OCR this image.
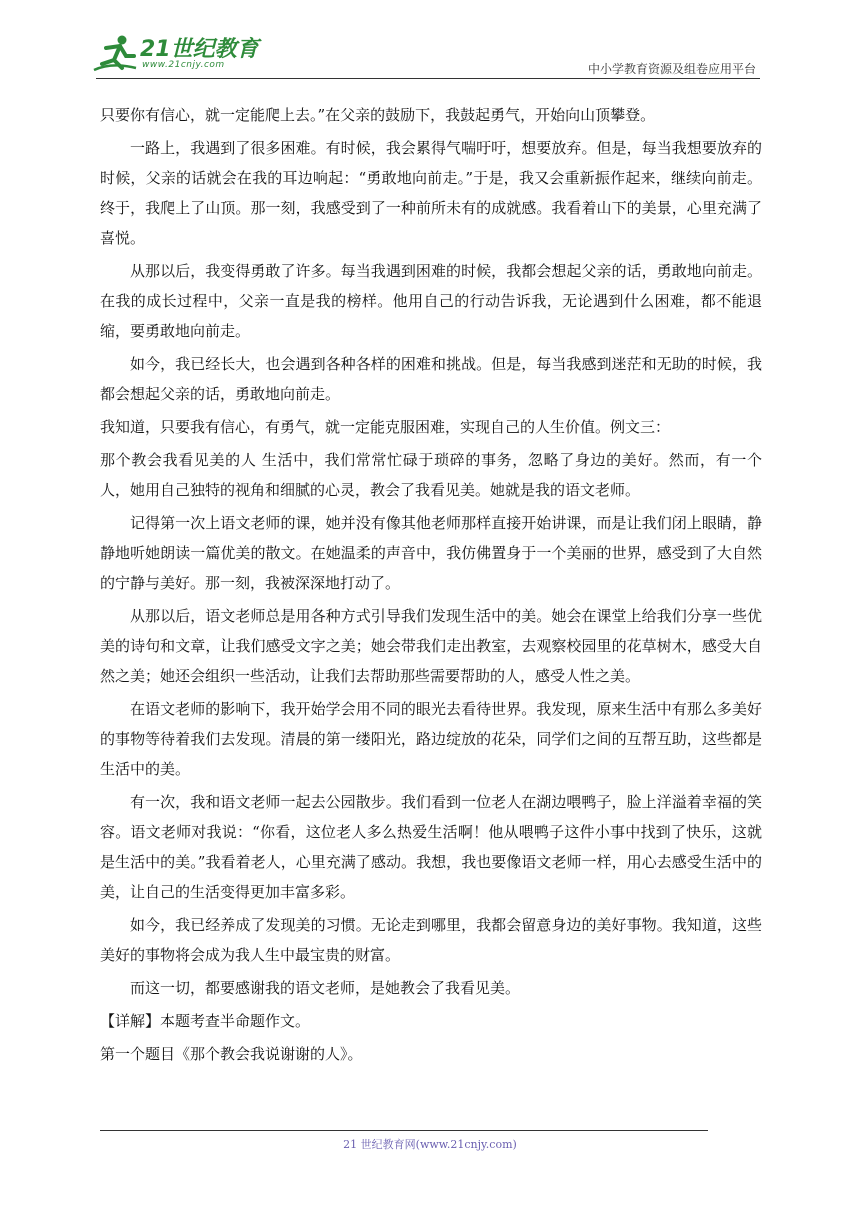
21世纪教育
www.21cnjy.com	中小学教育资源及组卷应用平台

只要你有信心，就一定能爬上去。”在父亲的鼓励下，我鼓起勇气，开始向山顶攀登。

一路上，我遇到了很多困难。有时候，我会累得气喘吁吁，想要放弃。但是，每当我想要放弃的时候，父亲的话就会在我的耳边响起：“勇敢地向前走。”于是，我又会重新振作起来，继续向前走。终于，我爬上了山顶。那一刻，我感受到了一种前所未有的成就感。我看着山下的美景，心里充满了喜悦。

从那以后，我变得勇敢了许多。每当我遇到困难的时候，我都会想起父亲的话，勇敢地向前走。在我的成长过程中，父亲一直是我的榜样。他用自己的行动告诉我，无论遇到什么困难，都不能退缩，要勇敢地向前走。

如今，我已经长大，也会遇到各种各样的困难和挑战。但是，每当我感到迷茫和无助的时候，我都会想起父亲的话，勇敢地向前走。

我知道，只要我有信心，有勇气，就一定能克服困难，实现自己的人生价值。例文三：

那个教会我看见美的人 生活中，我们常常忙碌于琐碎的事务，忽略了身边的美好。然而，有一个人，她用自己独特的视角和细腻的心灵，教会了我看见美。她就是我的语文老师。

记得第一次上语文老师的课，她并没有像其他老师那样直接开始讲课，而是让我们闭上眼睛，静静地听她朗读一篇优美的散文。在她温柔的声音中，我仿佛置身于一个美丽的世界，感受到了大自然的宁静与美好。那一刻，我被深深地打动了。

从那以后，语文老师总是用各种方式引导我们发现生活中的美。她会在课堂上给我们分享一些优美的诗句和文章，让我们感受文字之美；她会带我们走出教室，去观察校园里的花草树木，感受大自然之美；她还会组织一些活动，让我们去帮助那些需要帮助的人，感受人性之美。

在语文老师的影响下，我开始学会用不同的眼光去看待世界。我发现，原来生活中有那么多美好的事物等待着我们去发现。清晨的第一缕阳光，路边绽放的花朵，同学们之间的互帮互助，这些都是生活中的美。

有一次，我和语文老师一起去公园散步。我们看到一位老人在湖边喂鸭子，脸上洋溢着幸福的笑容。语文老师对我说：“你看，这位老人多么热爱生活啊！他从喂鸭子这件小事中找到了快乐，这就是生活中的美。”我看着老人，心里充满了感动。我想，我也要像语文老师一样，用心去感受生活中的美，让自己的生活变得更加丰富多彩。

如今，我已经养成了发现美的习惯。无论走到哪里，我都会留意身边的美好事物。我知道，这些美好的事物将会成为我人生中最宝贵的财富。

而这一切，都要感谢我的语文老师，是她教会了我看见美。

【详解】本题考查半命题作文。

第一个题目《那个教会我说谢谢的人》。

21 世纪教育网(www.21cnjy.com)
